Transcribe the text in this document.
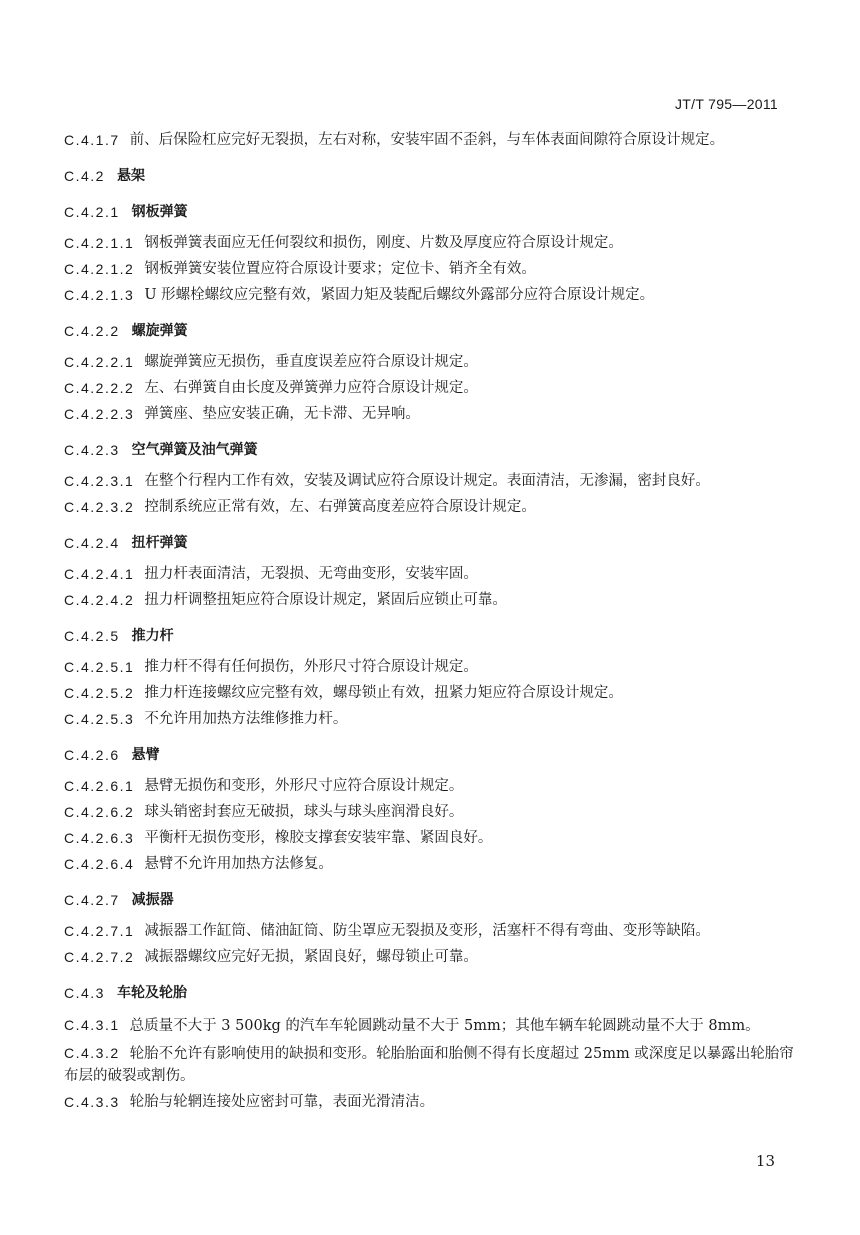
JT/T 795—2011
C.4.1.7 前、后保险杠应完好无裂损，左右对称，安装牢固不歪斜，与车体表面间隙符合原设计规定。
C.4.2 悬架
C.4.2.1 钢板弹簧
C.4.2.1.1 钢板弹簧表面应无任何裂纹和损伤，刚度、片数及厚度应符合原设计规定。
C.4.2.1.2 钢板弹簧安装位置应符合原设计要求；定位卡、销齐全有效。
C.4.2.1.3 U 形螺栓螺纹应完整有效，紧固力矩及装配后螺纹外露部分应符合原设计规定。
C.4.2.2 螺旋弹簧
C.4.2.2.1 螺旋弹簧应无损伤，垂直度误差应符合原设计规定。
C.4.2.2.2 左、右弹簧自由长度及弹簧弹力应符合原设计规定。
C.4.2.2.3 弹簧座、垫应安装正确，无卡滞、无异响。
C.4.2.3 空气弹簧及油气弹簧
C.4.2.3.1 在整个行程内工作有效，安装及调试应符合原设计规定。表面清洁，无渗漏，密封良好。
C.4.2.3.2 控制系统应正常有效，左、右弹簧高度差应符合原设计规定。
C.4.2.4 扭杆弹簧
C.4.2.4.1 扭力杆表面清洁，无裂损、无弯曲变形，安装牢固。
C.4.2.4.2 扭力杆调整扭矩应符合原设计规定，紧固后应锁止可靠。
C.4.2.5 推力杆
C.4.2.5.1 推力杆不得有任何损伤，外形尺寸符合原设计规定。
C.4.2.5.2 推力杆连接螺纹应完整有效，螺母锁止有效，扭紧力矩应符合原设计规定。
C.4.2.5.3 不允许用加热方法维修推力杆。
C.4.2.6 悬臂
C.4.2.6.1 悬臂无损伤和变形，外形尺寸应符合原设计规定。
C.4.2.6.2 球头销密封套应无破损，球头与球头座润滑良好。
C.4.2.6.3 平衡杆无损伤变形，橡胶支撑套安装牢靠、紧固良好。
C.4.2.6.4 悬臂不允许用加热方法修复。
C.4.2.7 减振器
C.4.2.7.1 减振器工作缸筒、储油缸筒、防尘罩应无裂损及变形，活塞杆不得有弯曲、变形等缺陷。
C.4.2.7.2 减振器螺纹应完好无损，紧固良好，螺母锁止可靠。
C.4.3 车轮及轮胎
C.4.3.1 总质量不大于 3 500kg 的汽车车轮圆跳动量不大于 5mm；其他车辆车轮圆跳动量不大于 8mm。
C.4.3.2 轮胎不允许有影响使用的缺损和变形。轮胎胎面和胎侧不得有长度超过 25mm 或深度足以暴露出轮胎帘布层的破裂或割伤。
C.4.3.3 轮胎与轮辋连接处应密封可靠，表面光滑清洁。
13
